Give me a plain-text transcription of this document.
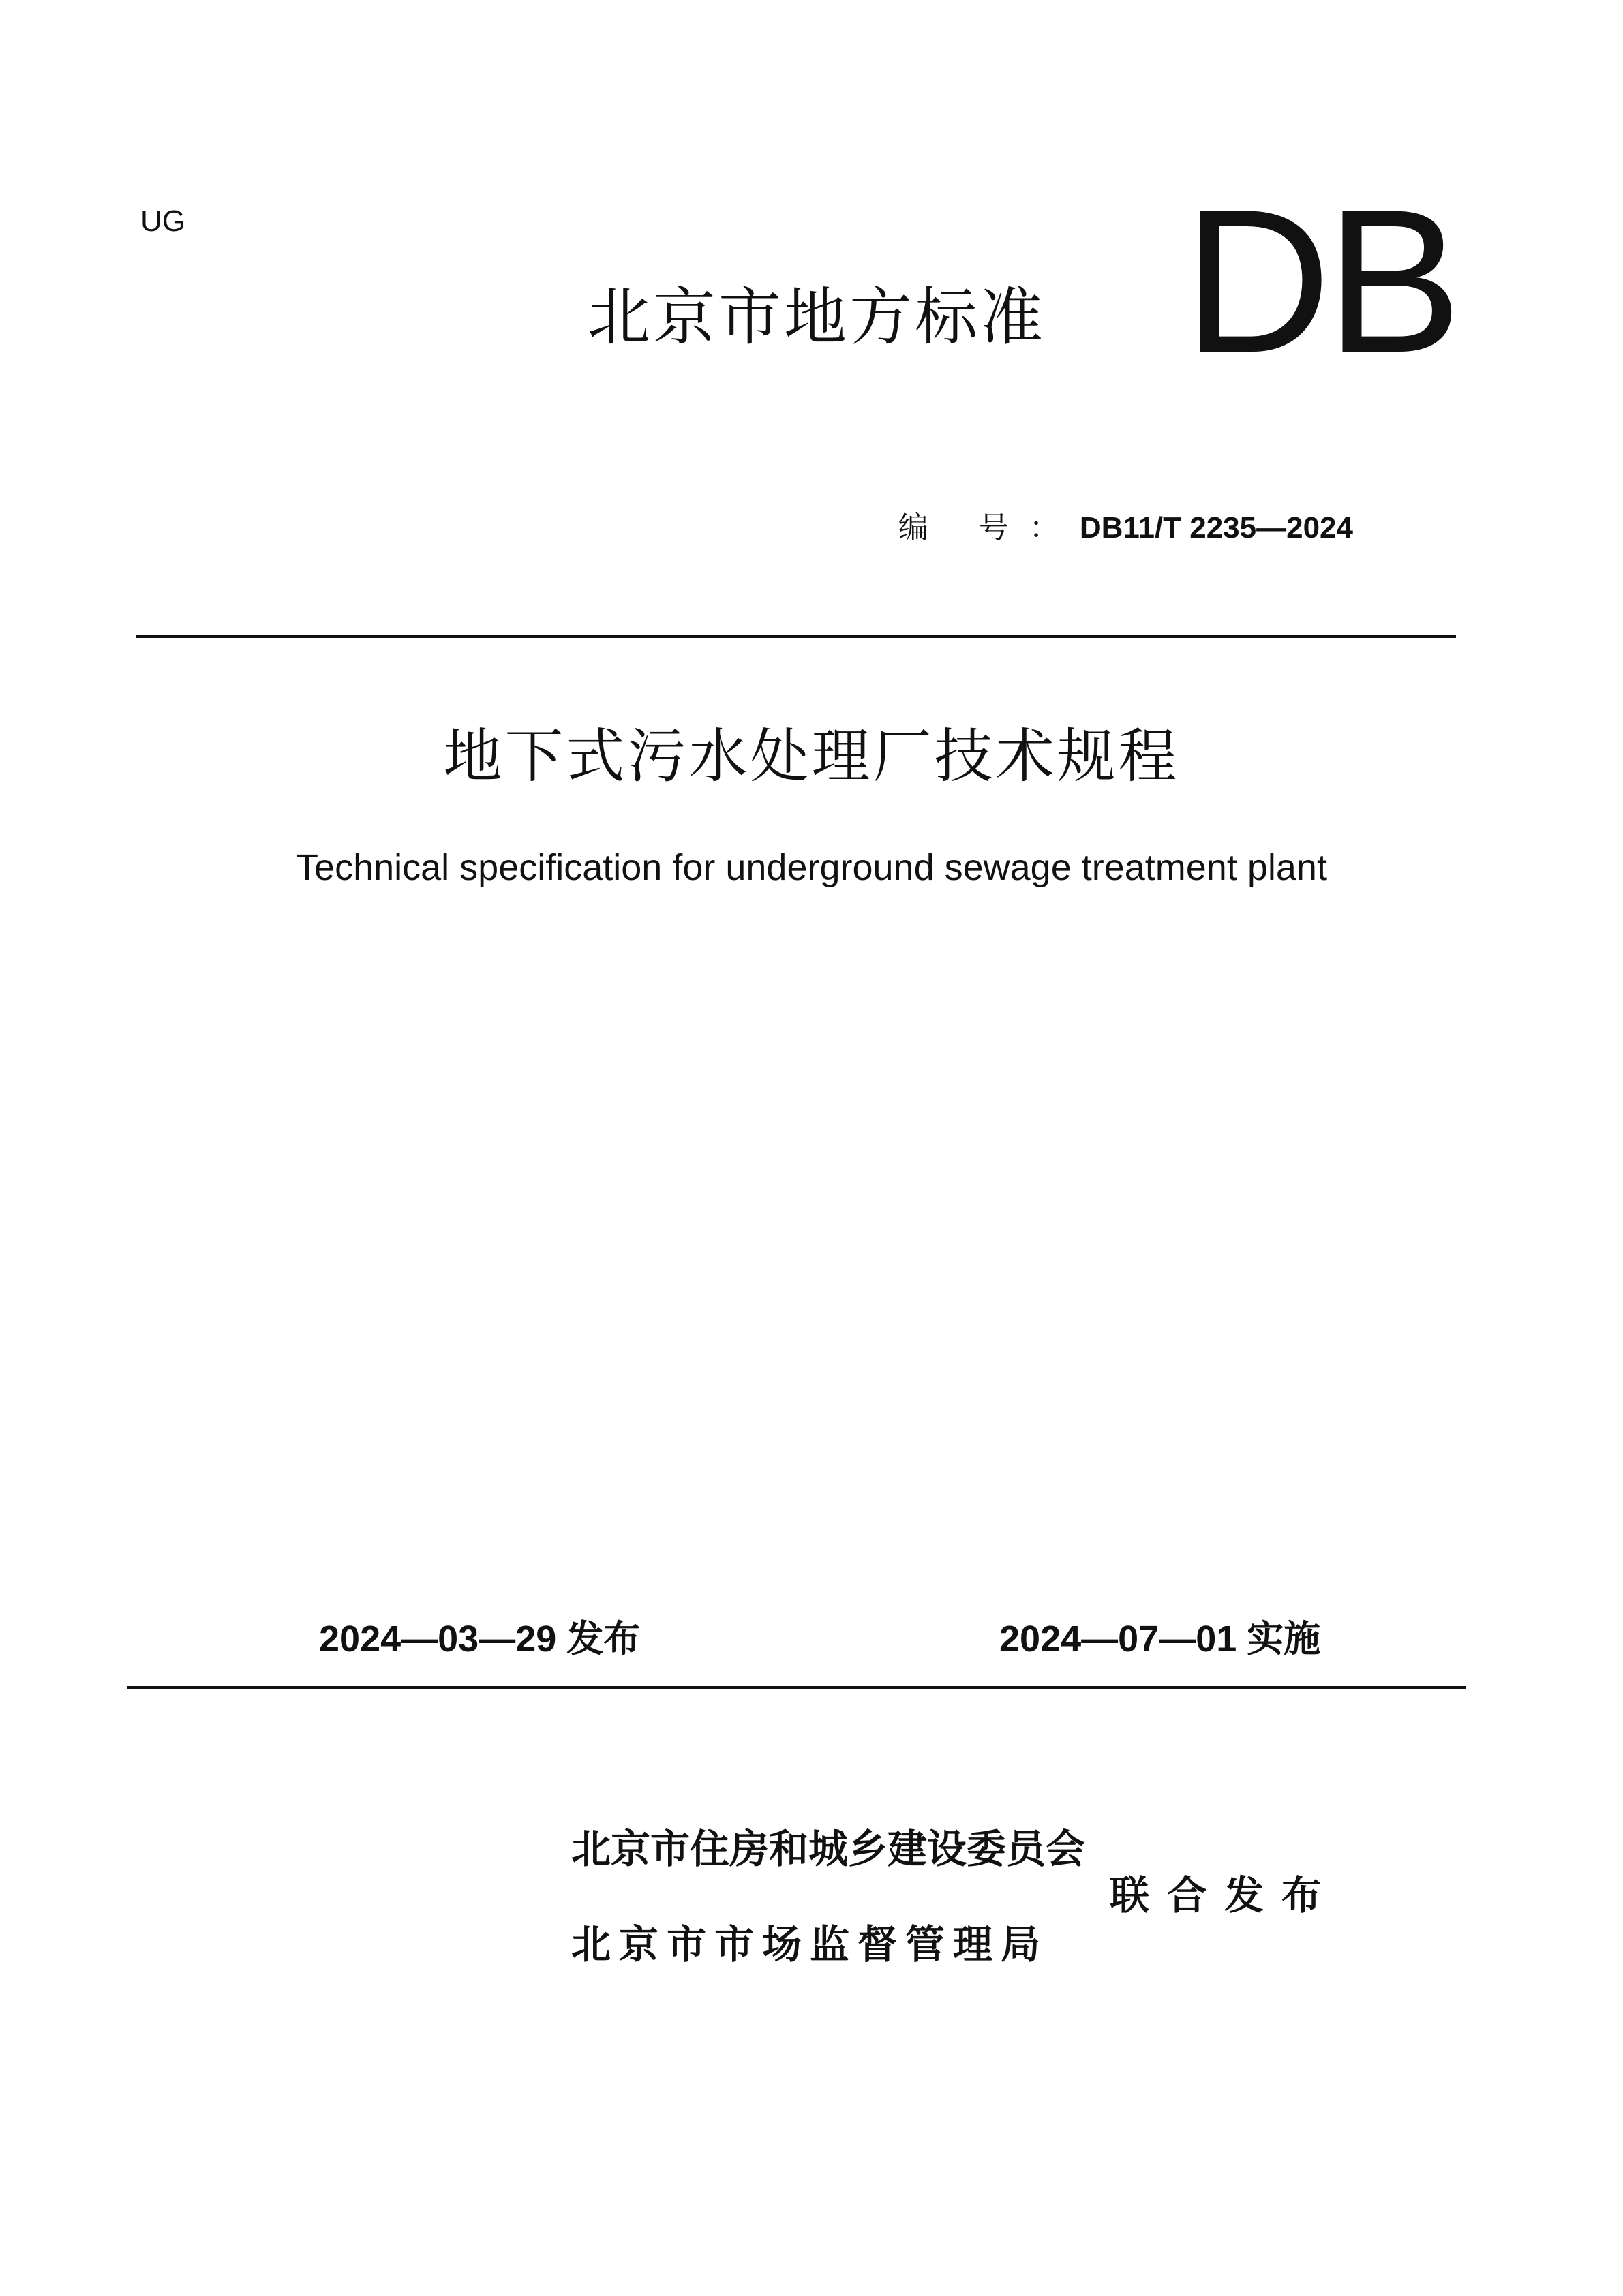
UG

北京市地方标准 DB

编 号：DB11/T 2235—2024

地下式污水处理厂技术规程

Technical specification for underground sewage treatment plant

2024—03—29 发布	2024—07—01 实施

北京市住房和城乡建设委员会

北京市市场监督管理局

联合发布
